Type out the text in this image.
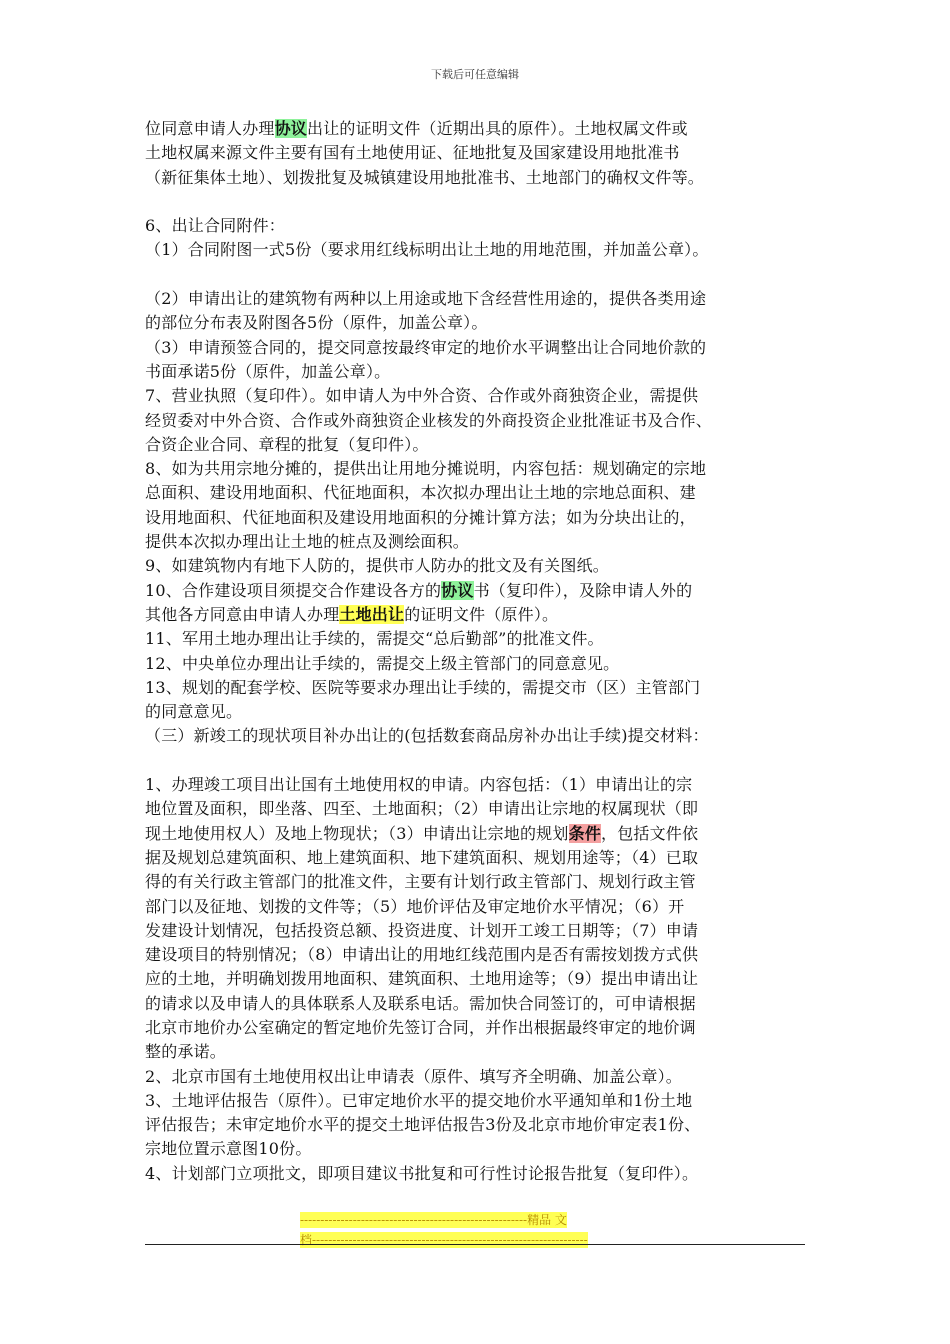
下载后可任意编辑
位同意申请人办理协议出让的证明文件（近期出具的原件）。土地权属文件或
土地权属来源文件主要有国有土地使用证、征地批复及国家建设用地批准书
（新征集体土地）、划拨批复及城镇建设用地批准书、土地部门的确权文件等。
6、出让合同附件：
（1）合同附图一式5份（要求用红线标明出让土地的用地范围，并加盖公章）。
（2）申请出让的建筑物有两种以上用途或地下含经营性用途的，提供各类用途
的部位分布表及附图各5份（原件，加盖公章）。
（3）申请预签合同的，提交同意按最终审定的地价水平调整出让合同地价款的
书面承诺5份（原件，加盖公章）。
7、营业执照（复印件）。如申请人为中外合资、合作或外商独资企业，需提供
经贸委对中外合资、合作或外商独资企业核发的外商投资企业批准证书及合作、
合资企业合同、章程的批复（复印件）。
8、如为共用宗地分摊的，提供出让用地分摊说明，内容包括：规划确定的宗地
总面积、建设用地面积、代征地面积，本次拟办理出让土地的宗地总面积、建
设用地面积、代征地面积及建设用地面积的分摊计算方法；如为分块出让的，
提供本次拟办理出让土地的桩点及测绘面积。
9、如建筑物内有地下人防的，提供市人防办的批文及有关图纸。
10、合作建设项目须提交合作建设各方的协议书（复印件），及除申请人外的
其他各方同意由申请人办理土地出让的证明文件（原件）。
11、军用土地办理出让手续的，需提交“总后勤部”的批准文件。
12、中央单位办理出让手续的，需提交上级主管部门的同意意见。
13、规划的配套学校、医院等要求办理出让手续的，需提交市（区）主管部门
的同意意见。
（三）新竣工的现状项目补办出让的(包括数套商品房补办出让手续)提交材料：
1、办理竣工项目出让国有土地使用权的申请。内容包括：（1）申请出让的宗
地位置及面积，即坐落、四至、土地面积；（2）申请出让宗地的权属现状（即
现土地使用权人）及地上物现状；（3）申请出让宗地的规划条件，包括文件依
据及规划总建筑面积、地上建筑面积、地下建筑面积、规划用途等；（4）已取
得的有关行政主管部门的批准文件，主要有计划行政主管部门、规划行政主管
部门以及征地、划拨的文件等；（5）地价评估及审定地价水平情况；（6）开
发建设计划情况，包括投资总额、投资进度、计划开工竣工日期等；（7）申请
建设项目的特别情况；（8）申请出让的用地红线范围内是否有需按划拨方式供
应的土地，并明确划拨用地面积、建筑面积、土地用途等；（9）提出申请出让
的请求以及申请人的具体联系人及联系电话。需加快合同签订的，可申请根据
北京市地价办公室确定的暂定地价先签订合同，并作出根据最终审定的地价调
整的承诺。
2、北京市国有土地使用权出让申请表（原件、填写齐全明确、加盖公章）。
3、土地评估报告（原件）。已审定地价水平的提交地价水平通知单和1份土地
评估报告；未审定地价水平的提交土地评估报告3份及北京市地价审定表1份、
宗地位置示意图10份。
4、计划部门立项批文，即项目建议书批复和可行性讨论报告批复（复印件）。
--------------------------------------------------------精品 文
档--------------------------------------------------------------------
